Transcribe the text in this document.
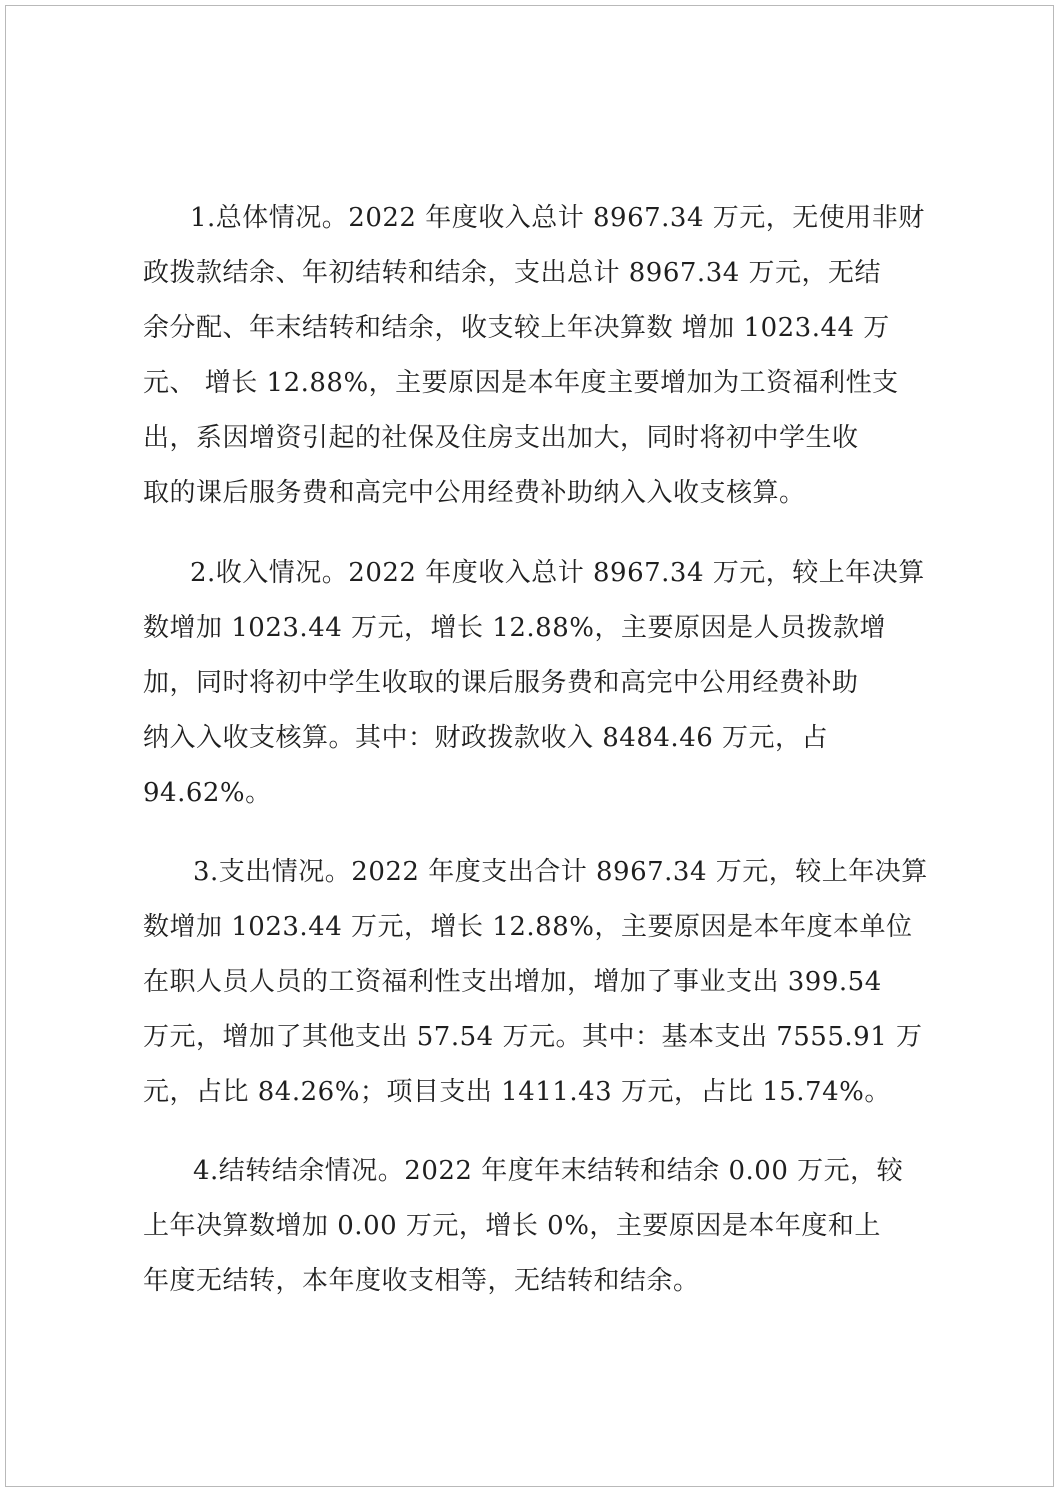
1.总体情况。2022 年度收入总计 8967.34 万元，无使用非财

政拨款结余、年初结转和结余，支出总计 8967.34 万元，无结

余分配、年末结转和结余，收支较上年决算数 增加 1023.44 万

元、 增长 12.88%，主要原因是本年度主要增加为工资福利性支

出，系因增资引起的社保及住房支出加大，同时将初中学生收

取的课后服务费和高完中公用经费补助纳入入收支核算。

2.收入情况。2022 年度收入总计 8967.34 万元，较上年决算

数增加 1023.44 万元，增长 12.88%，主要原因是人员拨款增

加，同时将初中学生收取的课后服务费和高完中公用经费补助

纳入入收支核算。其中：财政拨款收入 8484.46 万元，占

94.62%。

3.支出情况。2022 年度支出合计 8967.34 万元，较上年决算

数增加 1023.44 万元，增长 12.88%，主要原因是本年度本单位

在职人员人员的工资福利性支出增加，增加了事业支出 399.54

万元，增加了其他支出 57.54 万元。其中：基本支出 7555.91 万

元，占比 84.26%；项目支出 1411.43 万元，占比 15.74%。

4.结转结余情况。2022 年度年末结转和结余 0.00 万元，较

上年决算数增加 0.00 万元，增长 0%，主要原因是本年度和上

年度无结转，本年度收支相等，无结转和结余。
